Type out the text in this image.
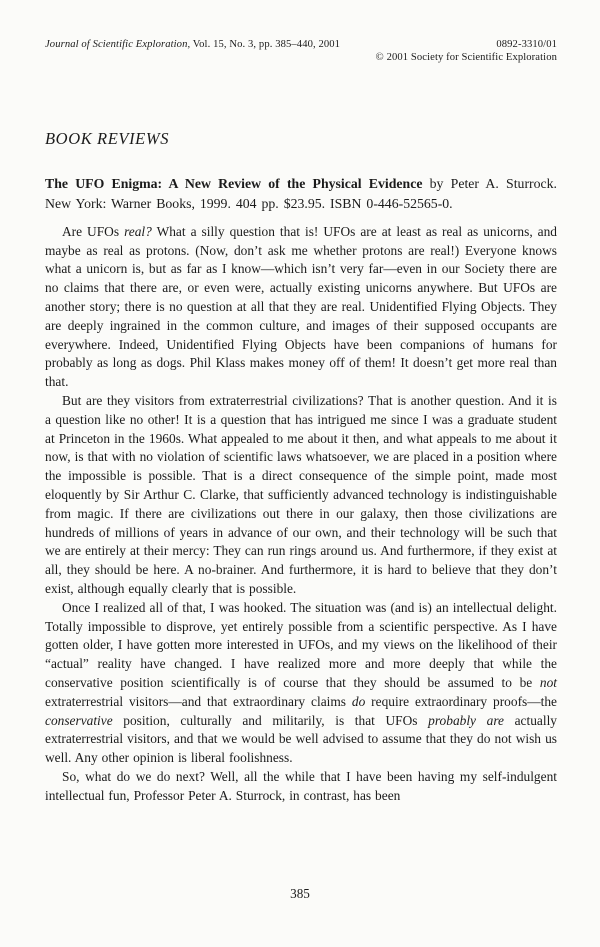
Journal of Scientific Exploration, Vol. 15, No. 3, pp. 385–440, 2001	0892-3310/01
© 2001 Society for Scientific Exploration
BOOK REVIEWS

The UFO Enigma: A New Review of the Physical Evidence by Peter A. Sturrock. New York: Warner Books, 1999. 404 pp. $23.95. ISBN 0-446-52565-0.

Are UFOs real? What a silly question that is! UFOs are at least as real as unicorns, and maybe as real as protons. (Now, don’t ask me whether protons are real!) Everyone knows what a unicorn is, but as far as I know—which isn’t very far—even in our Society there are no claims that there are, or even were, actually existing unicorns anywhere. But UFOs are another story; there is no question at all that they are real. Unidentified Flying Objects. They are deeply ingrained in the common culture, and images of their supposed occupants are everywhere. Indeed, Unidentified Flying Objects have been companions of humans for probably as long as dogs. Phil Klass makes money off of them! It doesn’t get more real than that.

But are they visitors from extraterrestrial civilizations? That is another question. And it is a question like no other! It is a question that has intrigued me since I was a graduate student at Princeton in the 1960s. What appealed to me about it then, and what appeals to me about it now, is that with no violation of scientific laws whatsoever, we are placed in a position where the impossible is possible. That is a direct consequence of the simple point, made most eloquently by Sir Arthur C. Clarke, that sufficiently advanced technology is indistinguishable from magic. If there are civilizations out there in our galaxy, then those civilizations are hundreds of millions of years in advance of our own, and their technology will be such that we are entirely at their mercy: They can run rings around us. And furthermore, if they exist at all, they should be here. A no-brainer. And furthermore, it is hard to believe that they don’t exist, although equally clearly that is possible.

Once I realized all of that, I was hooked. The situation was (and is) an intellectual delight. Totally impossible to disprove, yet entirely possible from a scientific perspective. As I have gotten older, I have gotten more interested in UFOs, and my views on the likelihood of their “actual” reality have changed. I have realized more and more deeply that while the conservative position scientifically is of course that they should be assumed to be not extraterrestrial visitors—and that extraordinary claims do require extraordinary proofs—the conservative position, culturally and militarily, is that UFOs probably are actually extraterrestrial visitors, and that we would be well advised to assume that they do not wish us well. Any other opinion is liberal foolishness.

So, what do we do next? Well, all the while that I have been having my self-indulgent intellectual fun, Professor Peter A. Sturrock, in contrast, has been

385
